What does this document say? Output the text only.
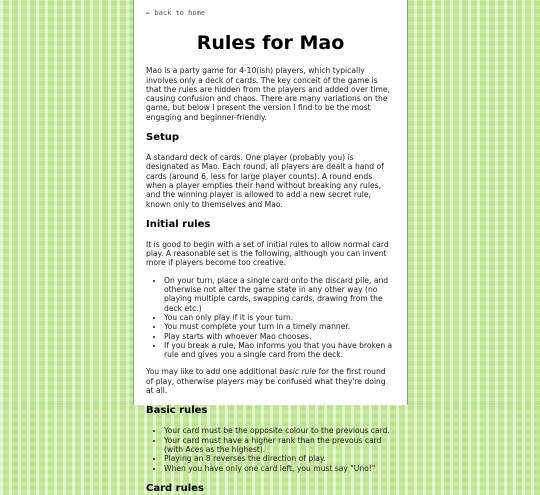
← back to home
Rules for Mao

Mao is a party game for 4-10(ish) players, which typically involves only a deck of cards. The key conceit of the game is that the rules are hidden from the players and added over time, causing confusion and chaos. There are many variations on the game, but below I present the version I find to be the most engaging and beginner-friendly.

Setup

A standard deck of cards. One player (probably you) is designated as Mao. Each round, all players are dealt a hand of cards (around 6, less for large player counts). A round ends when a player empties their hand without breaking any rules, and the winning player is allowed to add a new secret rule, known only to themselves and Mao.

Initial rules

It is good to begin with a set of initial rules to allow normal card play. A reasonable set is the following, although you can invent more if players become too creative.

• On your turn, place a single card onto the discard pile, and otherwise not alter the game state in any other way (no playing multiple cards, swapping cards, drawing from the deck etc.)
• You can only play if it is your turn.
• You must complete your turn in a timely manner.
• Play starts with whoever Mao chooses.
• If you break a rule, Mao informs you that you have broken a rule and gives you a single card from the deck.

You may like to add one additional basic rule for the first round of play, otherwise players may be confused what they're doing at all.

Basic rules
• Your card must be the opposite colour to the previous card.
• Your card must have a higher rank than the prevous card (with Aces as the highest).
• Playing an 8 reverses the direction of play.
• When you have only one card left, you must say "Uno!"
Card rules
